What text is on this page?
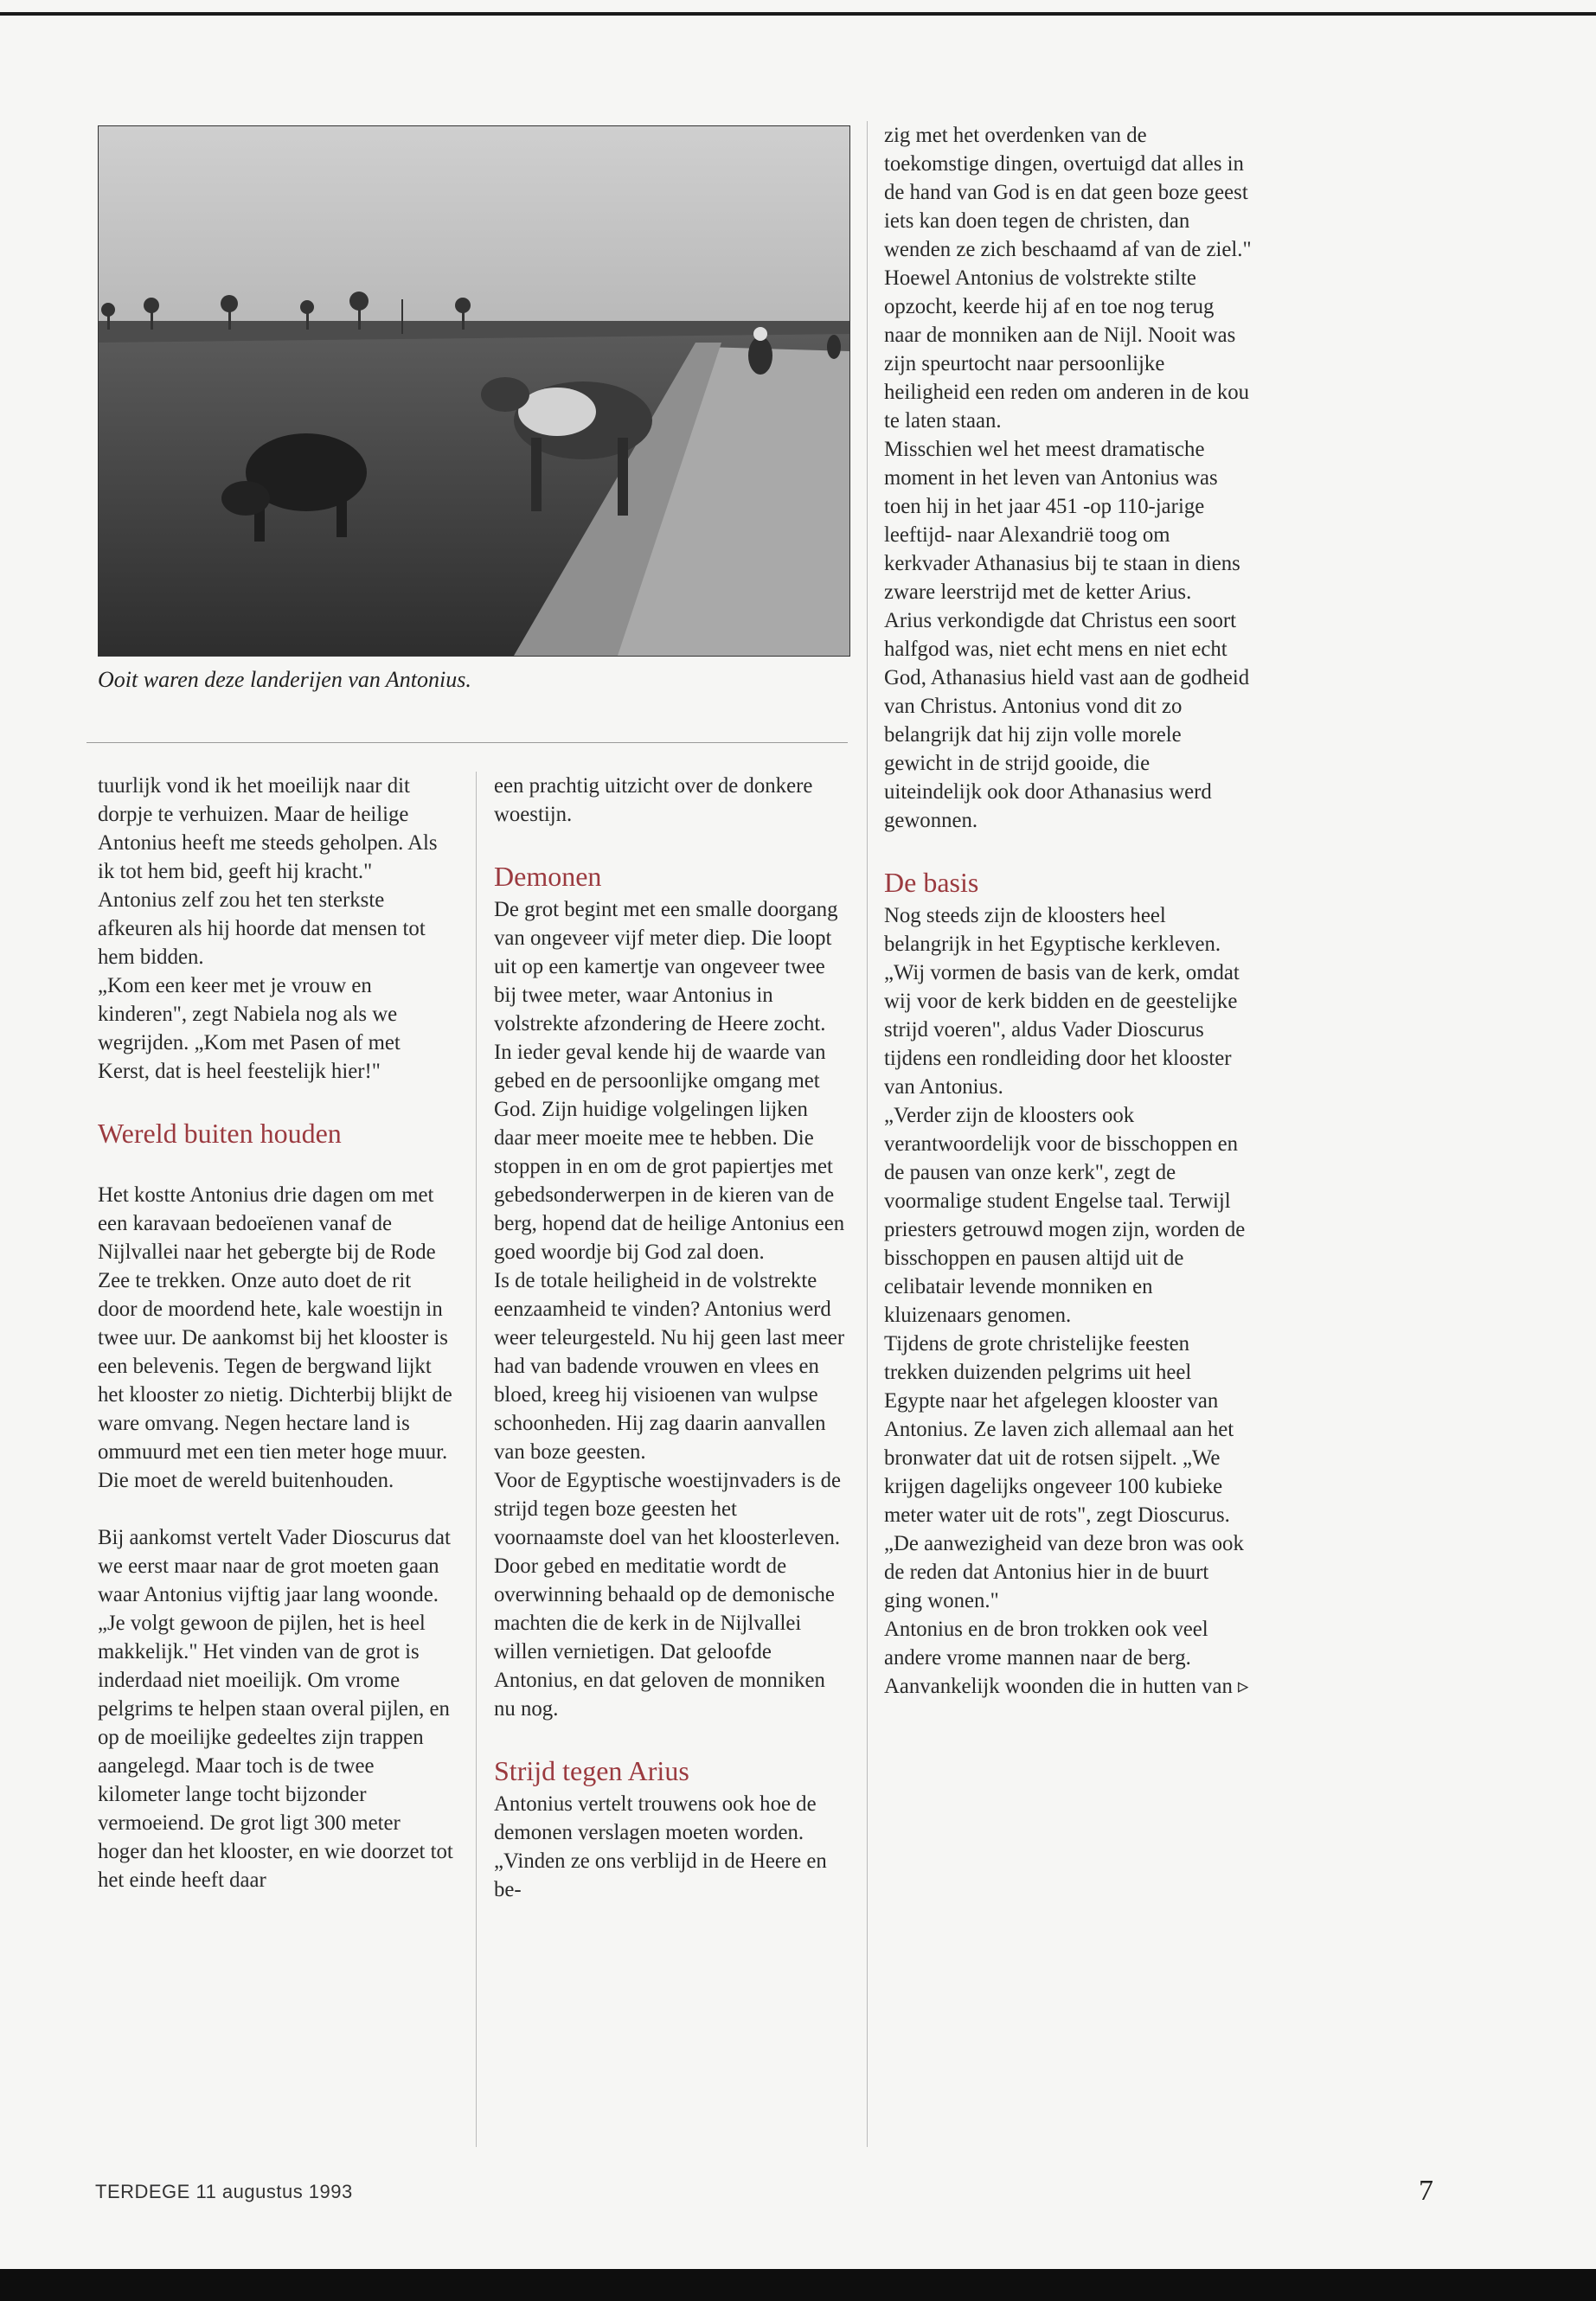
Ooit waren deze landerijen van Antonius.

tuurlijk vond ik het moeilijk naar dit dorpje te verhuizen. Maar de heilige Antonius heeft me steeds geholpen. Als ik tot hem bid, geeft hij kracht." Antonius zelf zou het ten sterkste afkeuren als hij hoorde dat mensen tot hem bidden.

„Kom een keer met je vrouw en kinderen", zegt Nabiela nog als we wegrijden. „Kom met Pasen of met Kerst, dat is heel feestelijk hier!"

Wereld buiten houden

Het kostte Antonius drie dagen om met een karavaan bedoeïenen vanaf de Nijlvallei naar het gebergte bij de Rode Zee te trekken. Onze auto doet de rit door de moordend hete, kale woestijn in twee uur. De aankomst bij het klooster is een belevenis. Tegen de bergwand lijkt het klooster zo nietig. Dichterbij blijkt de ware omvang. Negen hectare land is ommuurd met een tien meter hoge muur. Die moet de wereld buitenhouden.

Bij aankomst vertelt Vader Dioscurus dat we eerst maar naar de grot moeten gaan waar Antonius vijftig jaar lang woonde. „Je volgt gewoon de pijlen, het is heel makkelijk." Het vinden van de grot is inderdaad niet moeilijk. Om vrome pelgrims te helpen staan overal pijlen, en op de moeilijke gedeeltes zijn trappen aangelegd. Maar toch is de twee kilometer lange tocht bijzonder vermoeiend. De grot ligt 300 meter hoger dan het klooster, en wie doorzet tot het einde heeft daar

een prachtig uitzicht over de donkere woestijn.

Demonen

De grot begint met een smalle doorgang van ongeveer vijf meter diep. Die loopt uit op een kamertje van ongeveer twee bij twee meter, waar Antonius in volstrekte afzondering de Heere zocht. In ieder geval kende hij de waarde van gebed en de persoonlijke omgang met God. Zijn huidige volgelingen lijken daar meer moeite mee te hebben. Die stoppen in en om de grot papiertjes met gebedsonderwerpen in de kieren van de berg, hopend dat de heilige Antonius een goed woordje bij God zal doen.

Is de totale heiligheid in de volstrekte eenzaamheid te vinden? Antonius werd weer teleurgesteld. Nu hij geen last meer had van badende vrouwen en vlees en bloed, kreeg hij visioenen van wulpse schoonheden. Hij zag daarin aanvallen van boze geesten.

Voor de Egyptische woestijnvaders is de strijd tegen boze geesten het voornaamste doel van het kloosterleven. Door gebed en meditatie wordt de overwinning behaald op de demonische machten die de kerk in de Nijlvallei willen vernietigen. Dat geloofde Antonius, en dat geloven de monniken nu nog.

Strijd tegen Arius

Antonius vertelt trouwens ook hoe de demonen verslagen moeten worden. „Vinden ze ons verblijd in de Heere en be-

zig met het overdenken van de toekomstige dingen, overtuigd dat alles in de hand van God is en dat geen boze geest iets kan doen tegen de christen, dan wenden ze zich beschaamd af van de ziel."

Hoewel Antonius de volstrekte stilte opzocht, keerde hij af en toe nog terug naar de monniken aan de Nijl. Nooit was zijn speurtocht naar persoonlijke heiligheid een reden om anderen in de kou te laten staan.

Misschien wel het meest dramatische moment in het leven van Antonius was toen hij in het jaar 451 -op 110-jarige leeftijd- naar Alexandrië toog om kerkvader Athanasius bij te staan in diens zware leerstrijd met de ketter Arius.

Arius verkondigde dat Christus een soort halfgod was, niet echt mens en niet echt God, Athanasius hield vast aan de godheid van Christus. Antonius vond dit zo belangrijk dat hij zijn volle morele gewicht in de strijd gooide, die uiteindelijk ook door Athanasius werd gewonnen.

De basis

Nog steeds zijn de kloosters heel belangrijk in het Egyptische kerkleven. „Wij vormen de basis van de kerk, omdat wij voor de kerk bidden en de geestelijke strijd voeren", aldus Vader Dioscurus tijdens een rondleiding door het klooster van Antonius.

„Verder zijn de kloosters ook verantwoordelijk voor de bisschoppen en de pausen van onze kerk", zegt de voormalige student Engelse taal. Terwijl priesters getrouwd mogen zijn, worden de bisschoppen en pausen altijd uit de celibatair levende monniken en kluizenaars genomen.

Tijdens de grote christelijke feesten trekken duizenden pelgrims uit heel Egypte naar het afgelegen klooster van Antonius. Ze laven zich allemaal aan het bronwater dat uit de rotsen sijpelt. „We krijgen dagelijks ongeveer 100 kubieke meter water uit de rots", zegt Dioscurus. „De aanwezigheid van deze bron was ook de reden dat Antonius hier in de buurt ging wonen."

Antonius en de bron trokken ook veel andere vrome mannen naar de berg. Aanvankelijk woonden die in hutten van ▹

TERDEGE 11 augustus 1993	7
